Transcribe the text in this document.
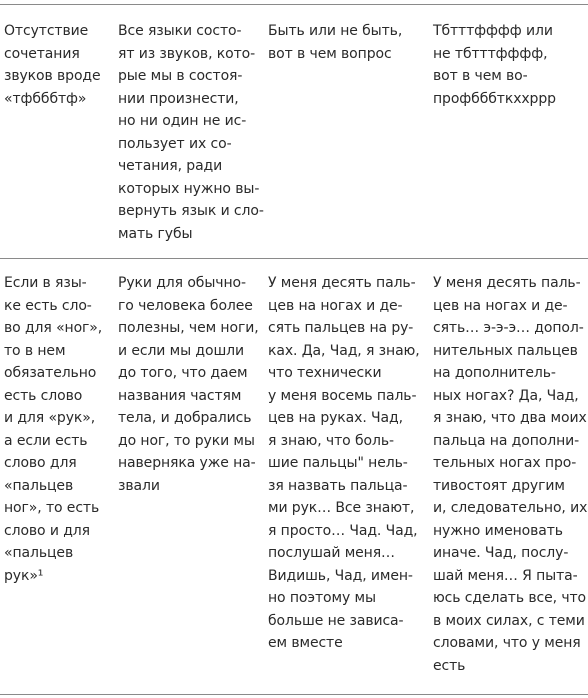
Отсутствие
сочетания
звуков вроде
«тфбббтф»
Все языки состо-
ят из звуков, кото-
рые мы в состоя-
нии произнести,
но ни один не ис-
пользует их со-
четания, ради
которых нужно вы-
вернуть язык и сло-
мать губы
Быть или не быть,
вот в чем вопрос
Тбтттфффф или
не тбтттфффф,
вот в чем во-
профбббткххррр
Если в язы-
ке есть сло-
во для «ног»,
то в нем
обязательно
есть слово
и для «рук»,
а если есть
слово для
«пальцев
ног», то есть
слово и для
«пальцев
рук»¹
Руки для обычно-
го человека более
полезны, чем ноги,
и если мы дошли
до того, что даем
названия частям
тела, и добрались
до ног, то руки мы
наверняка уже на-
звали
У меня десять паль-
цев на ногах и де-
сять пальцев на ру-
ках. Да, Чад, я знаю,
что технически
у меня восемь паль-
цев на руках. Чад,
я знаю, что боль-
шие пальцы" нель-
зя назвать пальца-
ми рук… Все знают,
я просто… Чад. Чад,
послушай меня…
Видишь, Чад, имен-
но поэтому мы
больше не зависа-
ем вместе
У меня десять паль-
цев на ногах и де-
сять… э-э-э… допол-
нительных пальцев
на дополнитель-
ных ногах? Да, Чад,
я знаю, что два моих
пальца на дополни-
тельных ногах про-
тивостоят другим
и, следовательно, их
нужно именовать
иначе. Чад, послу-
шай меня… Я пыта-
юсь сделать все, что
в моих силах, с теми
словами, что у меня
есть
